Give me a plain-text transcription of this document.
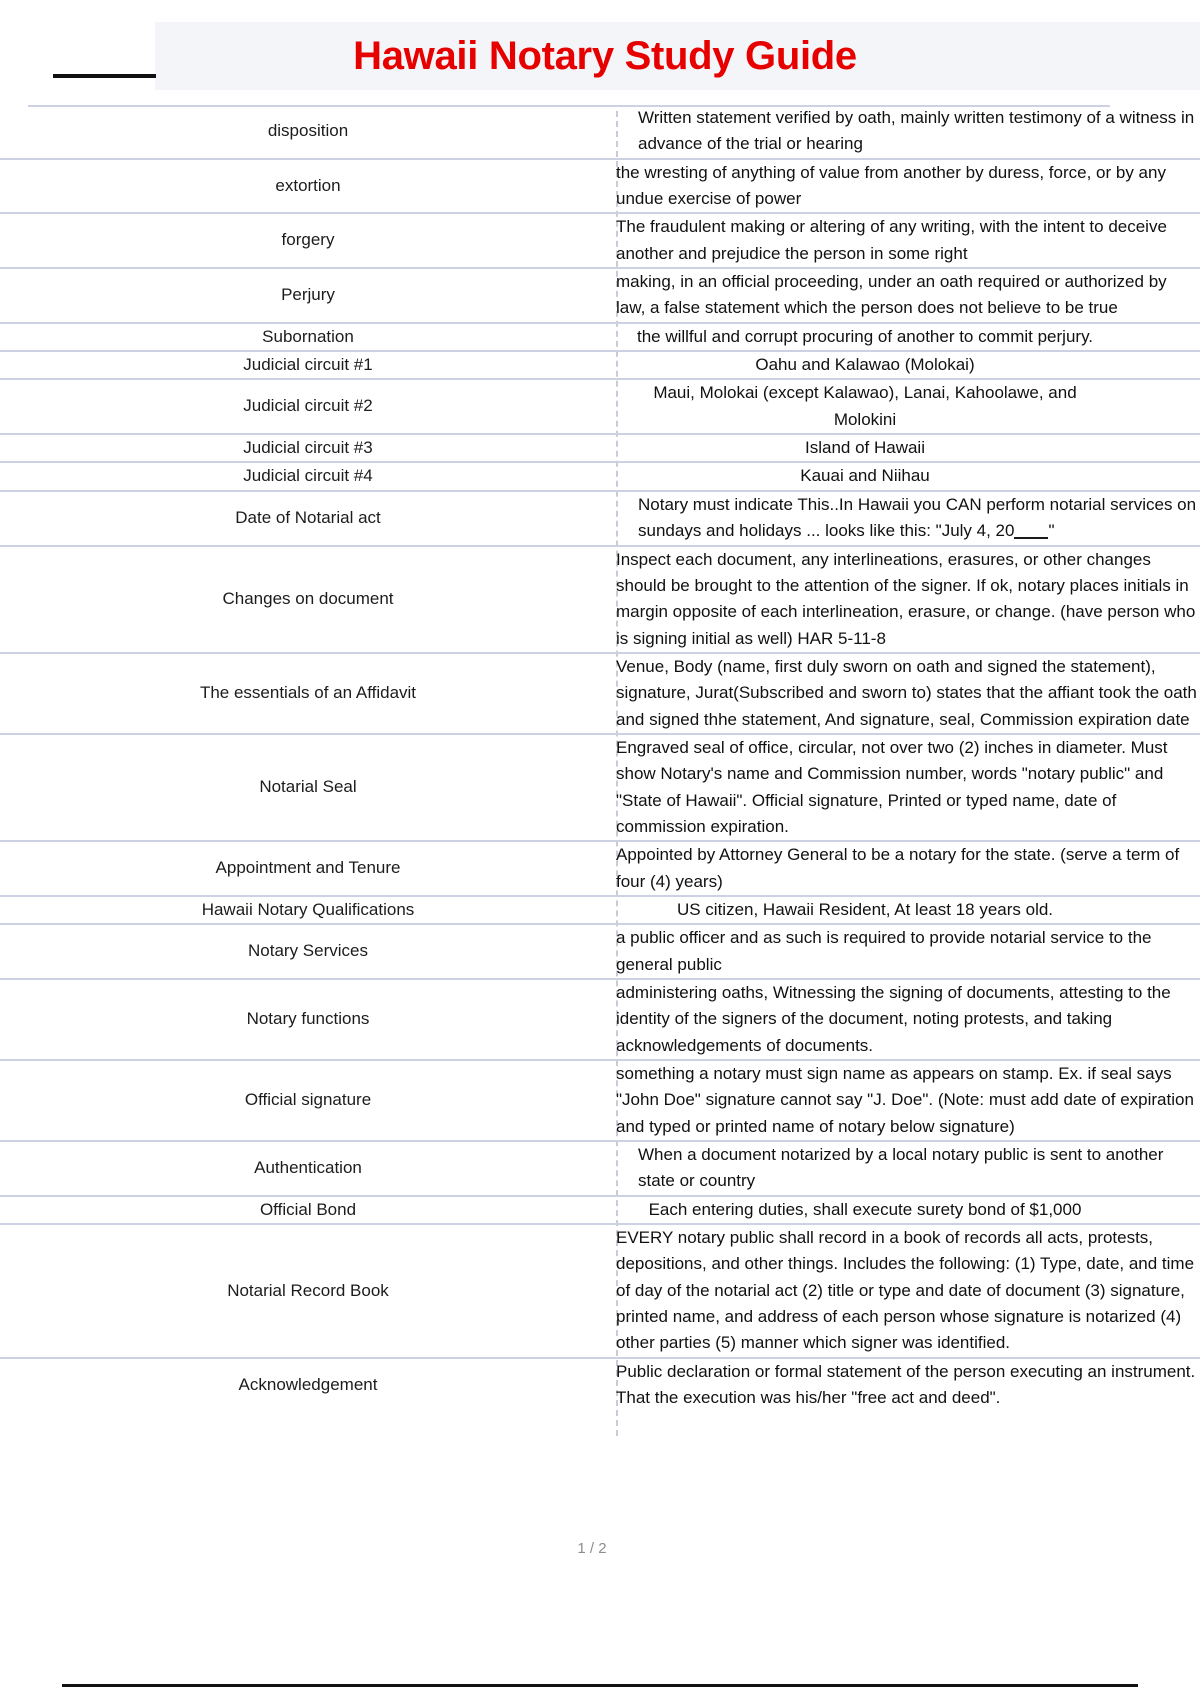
Hawaii Notary Study Guide
disposition	Written statement verified by oath, mainly written testimony of a witness in advance of the trial or hearing
extortion	the wresting of anything of value from another by duress, force, or by any undue exercise of power
forgery	The fraudulent making or altering of any writing, with the intent to deceive another and prejudice the person in some right
Perjury	making, in an official proceeding, under an oath required or authorized by law, a false statement which the person does not believe to be true
Subornation	the willful and corrupt procuring of another to commit perjury.
Judicial circuit #1	Oahu and Kalawao (Molokai)
Judicial circuit #2	Maui, Molokai (except Kalawao), Lanai, Kahoolawe, and Molokini
Judicial circuit #3	Island of Hawaii
Judicial circuit #4	Kauai and Niihau
Date of Notarial act	Notary must indicate This..In Hawaii you CAN perform notarial services on sundays and holidays ... looks like this: "July 4, 20 "
Changes on document	Inspect each document, any interlineations, erasures, or other changes should be brought to the attention of the signer. If ok, notary places initials in margin opposite of each interlineation, erasure, or change. (have person who is signing initial as well) HAR 5-11-8
The essentials of an Affidavit	Venue, Body (name, first duly sworn on oath and signed the statement), signature, Jurat(Subscribed and sworn to) states that the affiant took the oath and signed thhe statement, And signature, seal, Commission expiration date
Notarial Seal	Engraved seal of office, circular, not over two (2) inches in diameter. Must show Notary's name and Commission number, words "notary public" and "State of Hawaii". Official signature, Printed or typed name, date of commission expiration.
Appointment and Tenure	Appointed by Attorney General to be a notary for the state. (serve a term of four (4) years)
Hawaii Notary Qualifications	US citizen, Hawaii Resident, At least 18 years old.
Notary Services	a public officer and as such is required to provide notarial service to the general public
Notary functions	administering oaths, Witnessing the signing of documents, attesting to the identity of the signers of the document, noting protests, and taking acknowledgements of documents.
Official signature	something a notary must sign name as appears on stamp. Ex. if seal says "John Doe" signature cannot say "J. Doe". (Note: must add date of expiration and typed or printed name of notary below signature)
Authentication	When a document notarized by a local notary public is sent to another state or country
Official Bond	Each entering duties, shall execute surety bond of $1,000
Notarial Record Book	EVERY notary public shall record in a book of records all acts, protests, depositions, and other things. Includes the following: (1) Type, date, and time of day of the notarial act (2) title or type and date of document (3) signature, printed name, and address of each person whose signature is notarized (4) other parties (5) manner which signer was identified.
Acknowledgement	Public declaration or formal statement of the person executing an instrument. That the execution was his/her "free act and deed".
1 / 2
